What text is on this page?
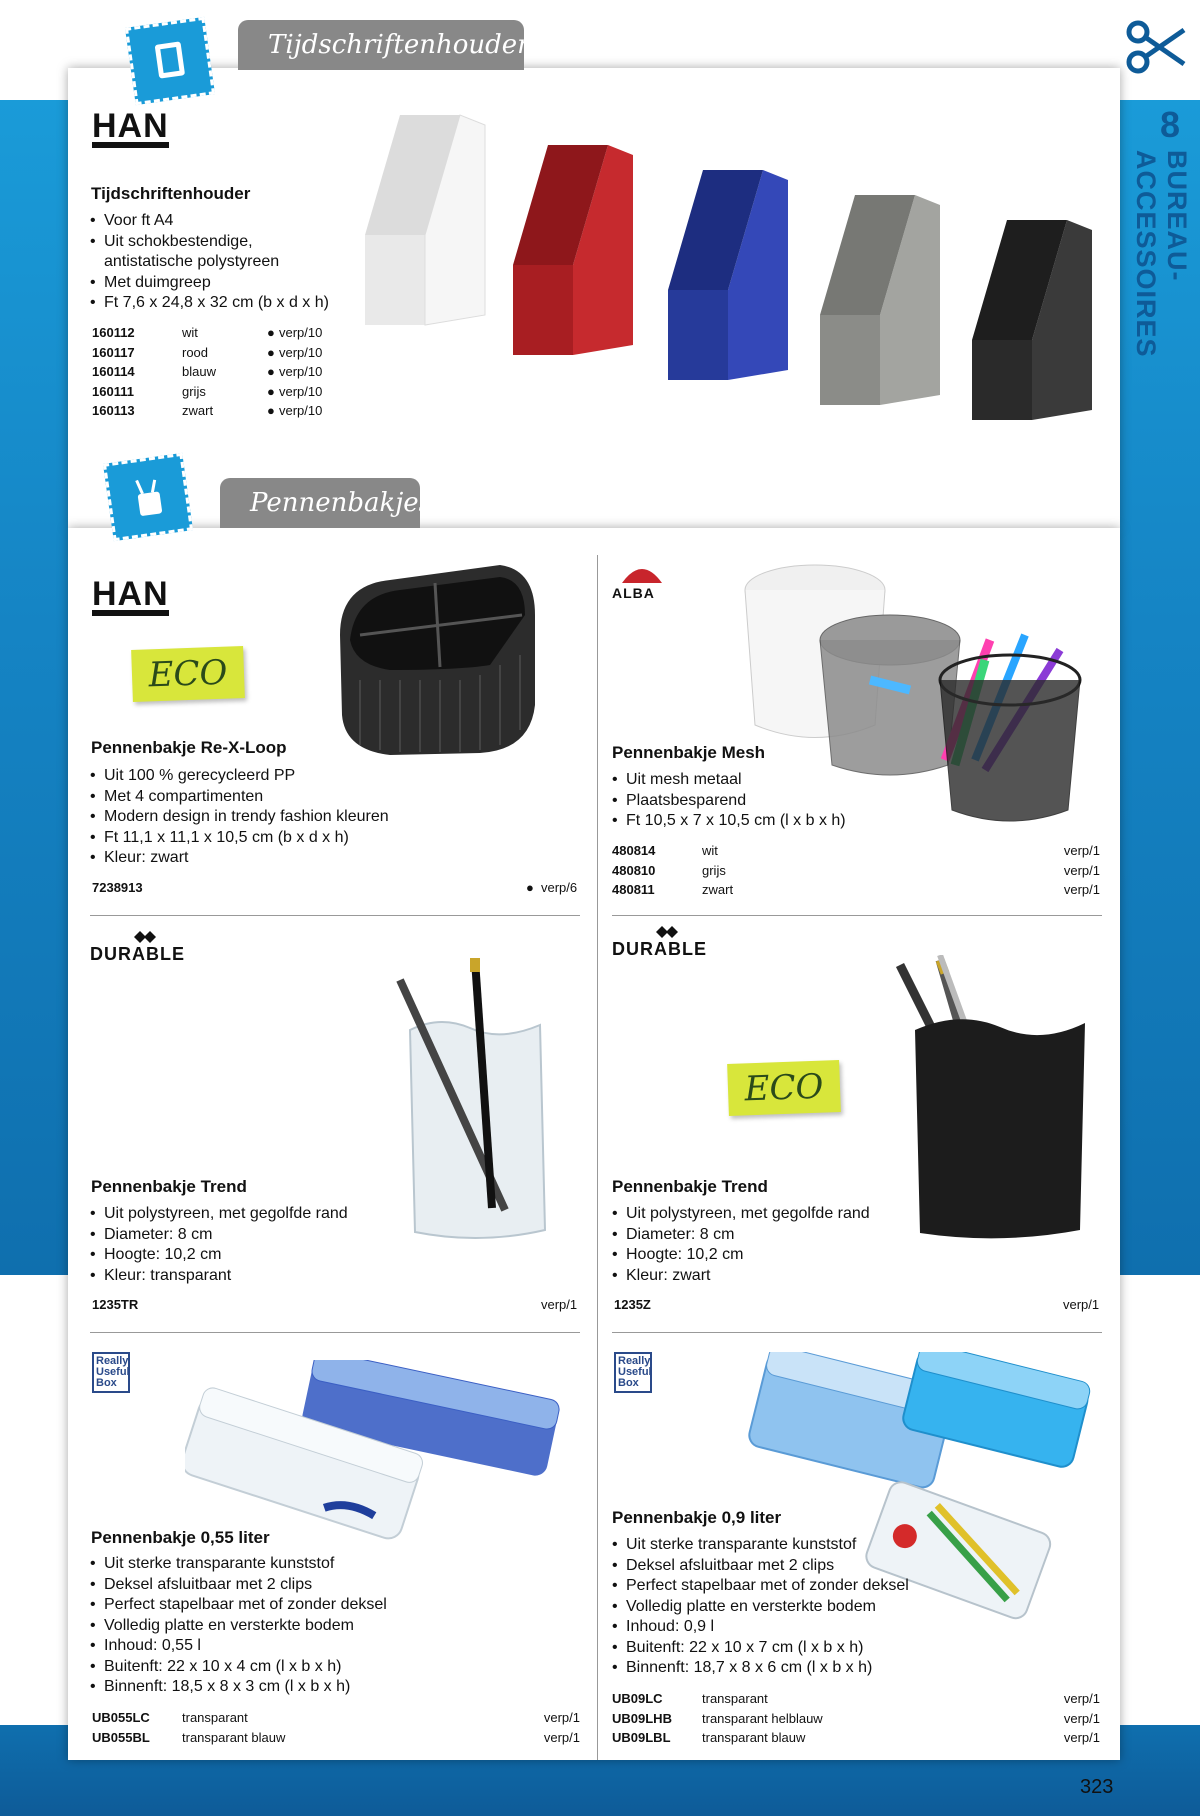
8
BUREAU-ACCESSOIRES
Tijdschriftenhouders
HAN
Tijdschriftenhouder
• Voor ft A4
• Uit schokbestendige,
antistatische polystyreen
• Met duimgreep
• Ft 7,6 x 24,8 x 32 cm (b x d x h)
160112	wit	●	verp/10
160117	rood	●	verp/10
160114	blauw	●	verp/10
160111	grijs	●	verp/10
160113	zwart	●	verp/10
Pennenbakjes
HAN
ECO
Pennenbakje Re-X-Loop
• Uit 100 % gerecycleerd PP
• Met 4 compartimenten
• Modern design in trendy fashion kleuren
• Ft 11,1 x 11,1 x 10,5 cm (b x d x h)
• Kleur: zwart
7238913	● verp/6
ALBA
Pennenbakje Mesh
• Uit mesh metaal
• Plaatsbesparend
• Ft 10,5 x 7 x 10,5 cm (l x b x h)
480814	wit	verp/1
480810	grijs	verp/1
480811	zwart	verp/1
DURABLE
Pennenbakje Trend
• Uit polystyreen, met gegolfde rand
• Diameter: 8 cm
• Hoogte: 10,2 cm
• Kleur: transparant
1235TR	verp/1
DURABLE
ECO
Pennenbakje Trend
• Uit polystyreen, met gegolfde rand
• Diameter: 8 cm
• Hoogte: 10,2 cm
• Kleur: zwart
1235Z	verp/1
Really Useful Box
Pennenbakje 0,55 liter
• Uit sterke transparante kunststof
• Deksel afsluitbaar met 2 clips
• Perfect stapelbaar met of zonder deksel
• Volledig platte en versterkte bodem
• Inhoud: 0,55 l
• Buitenft: 22 x 10 x 4 cm (l x b x h)
• Binnenft: 18,5 x 8 x 3 cm (l x b x h)
UB055LC	transparant	verp/1
UB055BL	transparant blauw	verp/1
Really Useful Box
Pennenbakje 0,9 liter
• Uit sterke transparante kunststof
• Deksel afsluitbaar met 2 clips
• Perfect stapelbaar met of zonder deksel
• Volledig platte en versterkte bodem
• Inhoud: 0,9 l
• Buitenft: 22 x 10 x 7 cm (l x b x h)
• Binnenft: 18,7 x 8 x 6 cm (l x b x h)
UB09LC	transparant	verp/1
UB09LHB	transparant helblauw	verp/1
UB09LBL	transparant blauw	verp/1
323
